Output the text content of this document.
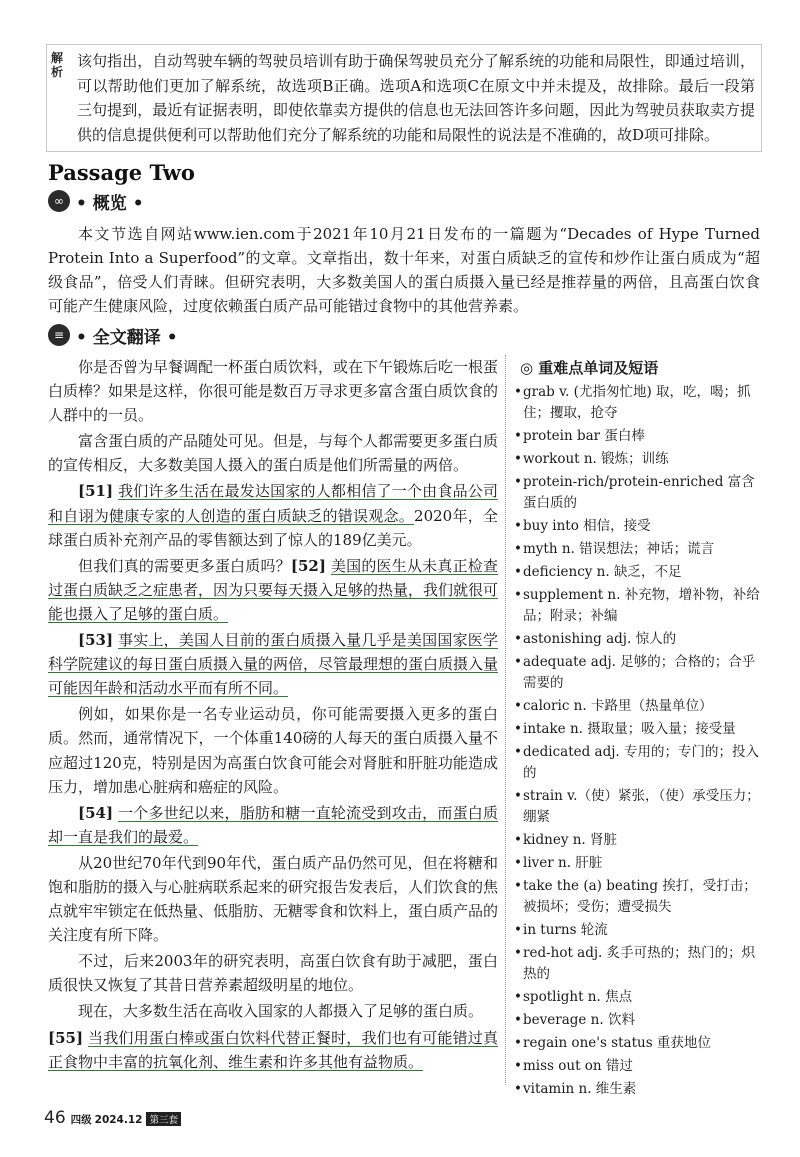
解析
该句指出，自动驾驶车辆的驾驶员培训有助于确保驾驶员充分了解系统的功能和局限性，即通过培训，可以帮助他们更加了解系统，故选项B正确。选项A和选项C在原文中并未提及，故排除。最后一段第三句提到，最近有证据表明，即使依靠卖方提供的信息也无法回答许多问题，因此为驾驶员获取卖方提供的信息提供便利可以帮助他们充分了解系统的功能和局限性的说法是不准确的，故D项可排除。
Passage Two
∞ • 概览 •
本文节选自网站www.ien.com于2021年10月21日发布的一篇题为“Decades of Hype Turned Protein Into a Superfood”的文章。文章指出，数十年来，对蛋白质缺乏的宣传和炒作让蛋白质成为“超级食品”，倍受人们青睐。但研究表明，大多数美国人的蛋白质摄入量已经是推荐量的两倍，且高蛋白饮食可能产生健康风险，过度依赖蛋白质产品可能错过食物中的其他营养素。
≡ • 全文翻译 •

你是否曾为早餐调配一杯蛋白质饮料，或在下午锻炼后吃一根蛋白质棒？如果是这样，你很可能是数百万寻求更多富含蛋白质饮食的人群中的一员。

富含蛋白质的产品随处可见。但是，与每个人都需要更多蛋白质的宣传相反，大多数美国人摄入的蛋白质是他们所需量的两倍。

[51] 我们许多生活在最发达国家的人都相信了一个由食品公司和自诩为健康专家的人创造的蛋白质缺乏的错误观念。2020年，全球蛋白质补充剂产品的零售额达到了惊人的189亿美元。

但我们真的需要更多蛋白质吗？[52] 美国的医生从未真正检查过蛋白质缺乏之症患者，因为只要每天摄入足够的热量，我们就很可能也摄入了足够的蛋白质。

[53] 事实上，美国人目前的蛋白质摄入量几乎是美国国家医学科学院建议的每日蛋白质摄入量的两倍，尽管最理想的蛋白质摄入量可能因年龄和活动水平而有所不同。

例如，如果你是一名专业运动员，你可能需要摄入更多的蛋白质。然而，通常情况下，一个体重140磅的人每天的蛋白质摄入量不应超过120克，特别是因为高蛋白饮食可能会对肾脏和肝脏功能造成压力，增加患心脏病和癌症的风险。

[54] 一个多世纪以来，脂肪和糖一直轮流受到攻击，而蛋白质却一直是我们的最爱。

从20世纪70年代到90年代，蛋白质产品仍然可见，但在将糖和饱和脂肪的摄入与心脏病联系起来的研究报告发表后，人们饮食的焦点就牢牢锁定在低热量、低脂肪、无糖零食和饮料上，蛋白质产品的关注度有所下降。

不过，后来2003年的研究表明，高蛋白饮食有助于减肥，蛋白质很快又恢复了其昔日营养素超级明星的地位。

现在，大多数生活在高收入国家的人都摄入了足够的蛋白质。

[55] 当我们用蛋白棒或蛋白饮料代替正餐时，我们也有可能错过真正食物中丰富的抗氧化剂、维生素和许多其他有益物质。

◎ 重难点单词及短语
• grab v. (尤指匆忙地) 取，吃，喝；抓住；攫取，抢夺
• protein bar 蛋白棒
• workout n. 锻炼；训练
• protein-rich/protein-enriched 富含蛋白质的
• buy into 相信，接受
• myth n. 错误想法；神话；谎言
• deficiency n. 缺乏，不足
• supplement n. 补充物，增补物，补给品；附录；补编
• astonishing adj. 惊人的
• adequate adj. 足够的；合格的；合乎需要的
• caloric n. 卡路里（热量单位）
• intake n. 摄取量；吸入量；接受量
• dedicated adj. 专用的；专门的；投入的
• strain v.（使）紧张，（使）承受压力；绷紧
• kidney n. 肾脏
• liver n. 肝脏
• take the (a) beating 挨打，受打击；被损坏；受伤；遭受损失
• in turns 轮流
• red-hot adj. 炙手可热的；热门的；炽热的
• spotlight n. 焦点
• beverage n. 饮料
• regain one's status 重获地位
• miss out on 错过
• vitamin n. 维生素
46 四级 2024.12 第三套
